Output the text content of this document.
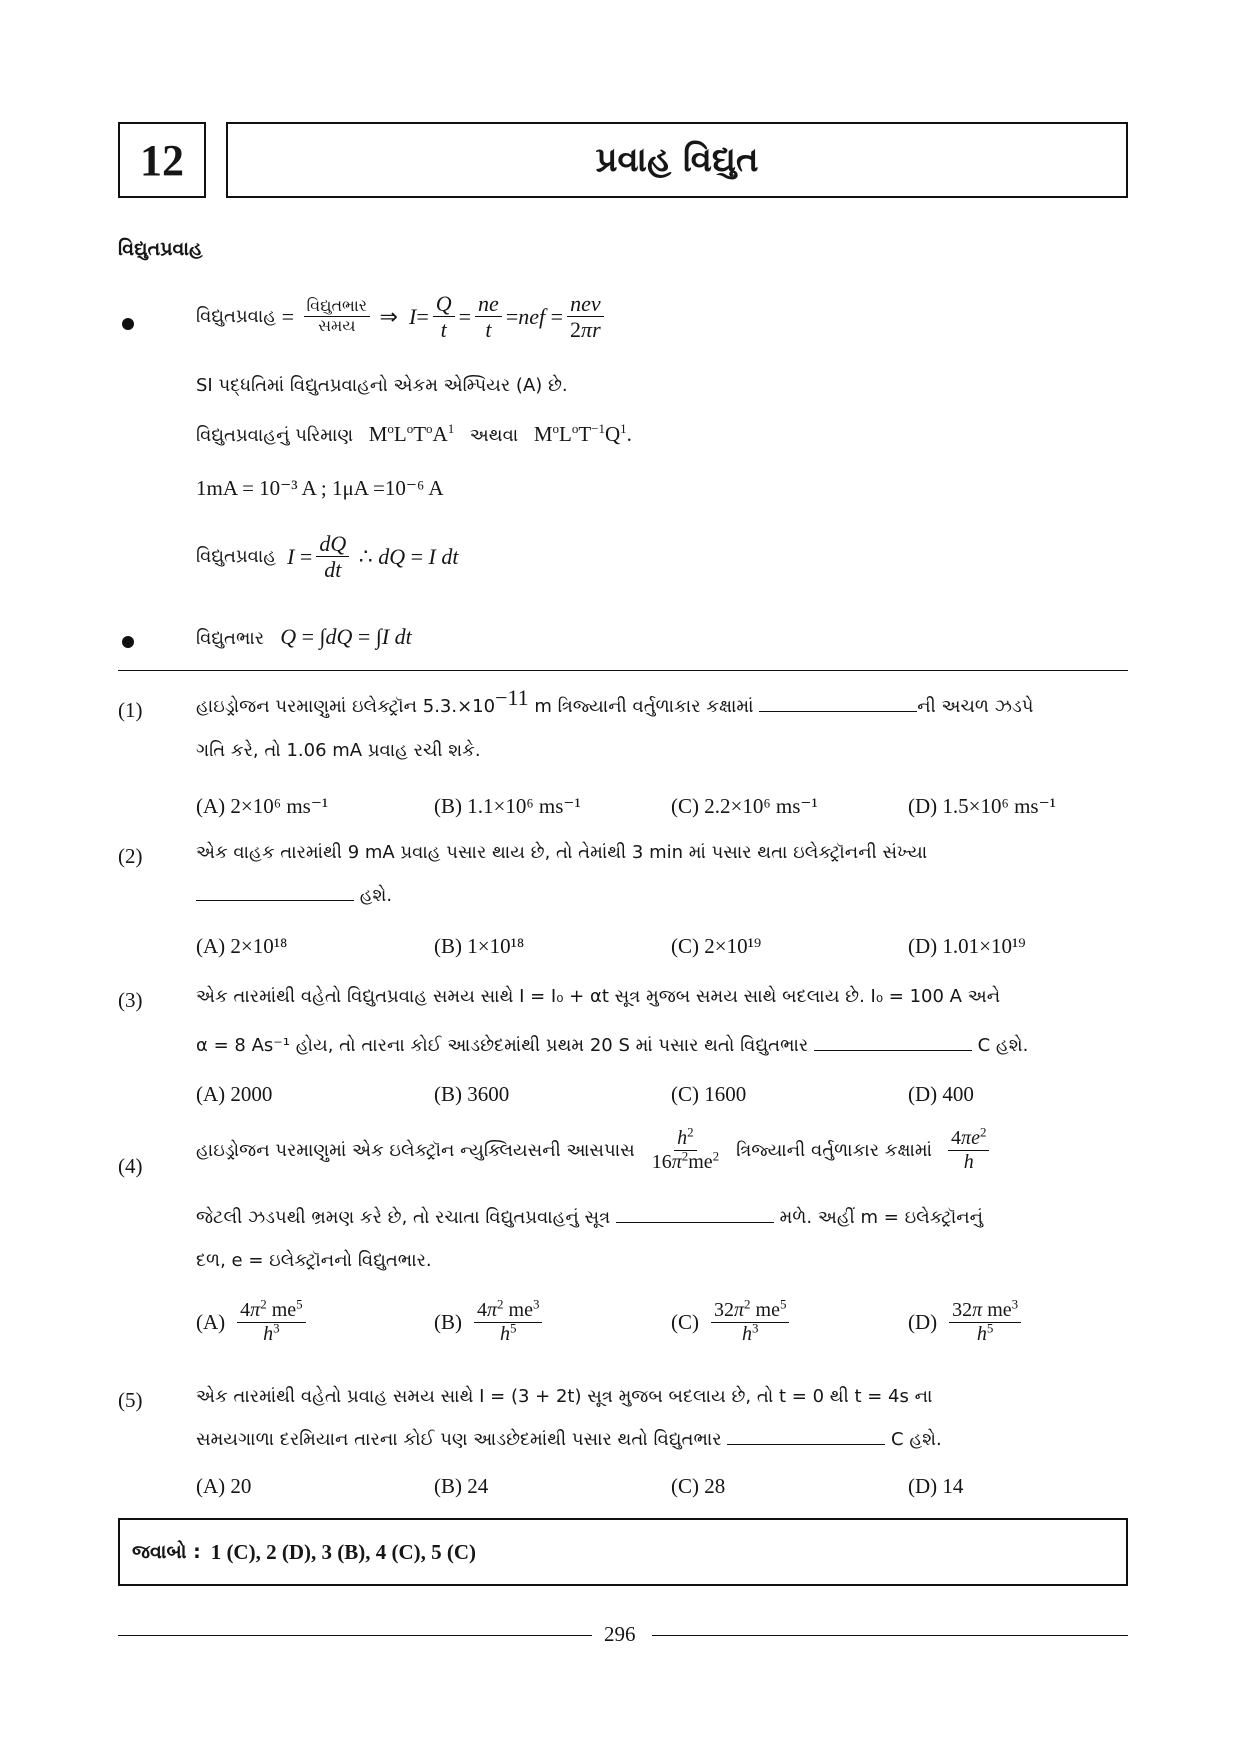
12	પ્રવાહ વિદ્યુત
વિદ્યુતપ્રવાહ
વિદ્યુતપ્રવાહ = $\frac{\text{વિદ્યુતભાર}}{\text{સમય}}$ ⇒  $I= \frac{Q}{t} = \frac{ne}{t} =nef = \frac{\text{nev}}{2\pi r}$
SI પદ્ધતિમાં વિદ્યુતપ્રવાહનો એકમ એમ્પિયર (A) છે.
વિદ્યુતપ્રવાહનું પરિમાણ   $M^oL^oT^oA^1$ અથવા   $M^oL^oT^{-1}Q^1$.
1mA = 10⁻³ A ; 1μA =10⁻⁶ A
વિદ્યુતપ્રવાહ $I = \frac{dQ}{dt}$ ∴ dQ = I dt
વિદ્યુતભાર Q = ∫dQ = ∫I dt
(1)	હાઇડ્રોજન પરમાણુમાં ઇલેક્ટ્રૉન $5.3.\times 10^{-11}$ m ત્રિજ્યાની વર્તુળાકાર કક્ષામાં	ની અચળ ઝડપે
ગતિ કરે, તો 1.06 mA પ્રવાહ રચી શકે.
(A) 2×10⁶ ms⁻¹	(B) 1.1×10⁶ ms⁻¹	(C) 2.2×10⁶ ms⁻¹	(D) 1.5×10⁶ ms⁻¹
(2)	એક વાહક તારમાંથી 9 mA પ્રવાહ પસાર થાય છે, તો તેમાંથી 3 min માં પસાર થતા ઇલેક્ટ્રૉનની સંખ્યા
હશે.
(A) 2×10¹⁸	(B) 1×10¹⁸	(C) 2×10¹⁹	(D) 1.01×10¹⁹
(3)	એક તારમાંથી વહેતો વિદ્યુતપ્રવાહ સમય સાથે I = I₀ + αt સૂત્ર મુજબ સમય સાથે બદલાય છે. I₀ = 100 A અને
α = 8 As⁻¹ હોય, તો તારના કોઈ આડછેદમાંથી પ્રથમ 20 S માં પસાર થતો વિદ્યુતભાર	C હશે.
(A) 2000	(B) 3600	(C) 1600	(D) 400
(4)
હાઇડ્રોજન પરમાણુમાં એક ઇલેક્ટ્રૉન ન્યુક્લિયસની આસપાસ $\frac{h^2}{16\pi^2me^2}$ ત્રિજ્યાની વર્તુળાકાર કક્ષામાં $\frac{4\pi e^2}{h}$
જેટલી ઝડપથી ભ્રમણ કરે છે, તો રચાતા વિદ્યુતપ્રવાહનું સૂત્ર	મળે. અહીં m = ઇલેક્ટ્રૉનનું
દળ, e = ઇલેક્ટ્રૉનનો વિદ્યુતભાર.
$(A) \frac{4\pi^2 me^5}{h^3}$	$(B) \frac{4\pi^2 me^3}{h^5}$	$(C) \frac{32\pi^2 me^5}{h^3}$	$(D) \frac{32\pi me^3}{h^5}$
(5)	એક તારમાંથી વહેતો પ્રવાહ સમય સાથે I = (3 + 2t) સૂત્ર મુજબ બદલાય છે, તો t = 0 થી t = 4s ના
સમયગાળા દરમિયાન તારના કોઈ પણ આડછેદમાંથી પસાર થતો વિદ્યુતભાર	C હશે.
(A) 20	(B) 24	(C) 28	(D) 14
જવાબો : 1 (C), 2 (D), 3 (B), 4 (C), 5 (C)
296
